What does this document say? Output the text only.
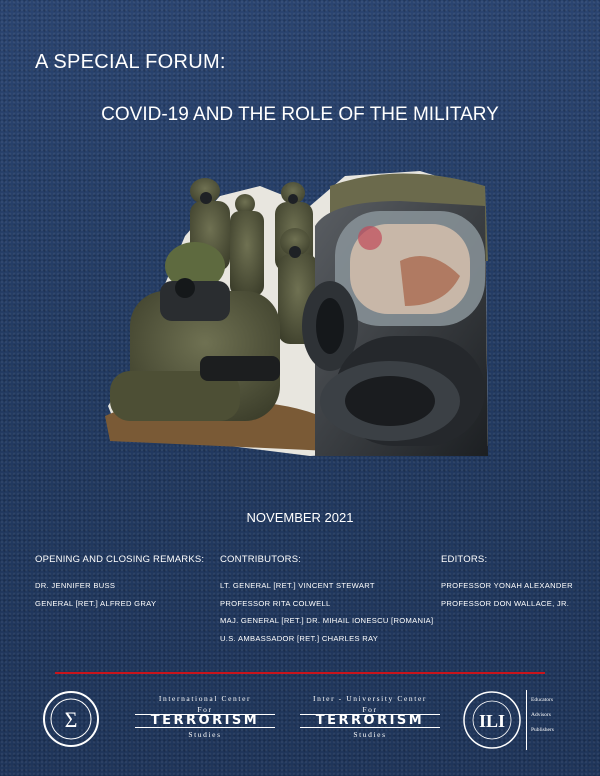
A SPECIAL FORUM:
COVID-19 AND THE ROLE OF THE MILITARY
NOVEMBER 2021
OPENING AND CLOSING REMARKS:
DR. JENNIFER BUSS
GENERAL [RET.] ALFRED GRAY
CONTRIBUTORS:
LT. GENERAL [RET.] VINCENT STEWART
PROFESSOR RITA COLWELL
MAJ. GENERAL [RET.] DR. MIHAIL IONESCU [ROMANIA]
U.S. AMBASSADOR [RET.] CHARLES RAY
EDITORS:
PROFESSOR YONAH ALEXANDER
PROFESSOR DON WALLACE, JR.
Σ
International Center
For
TERRORISM
Studies
Inter - University Center
For
TERRORISM
Studies
ILI
Educators
Advisors
Publishers
